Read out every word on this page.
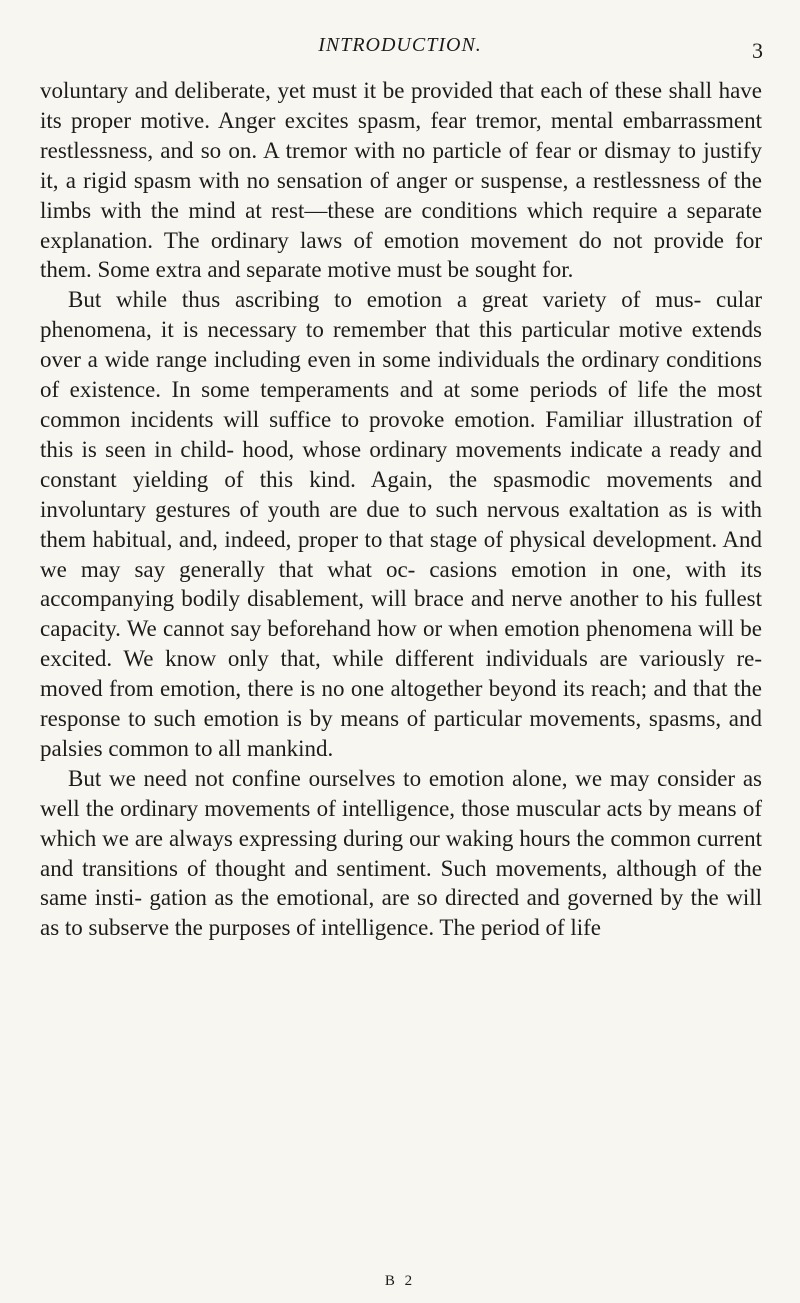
INTRODUCTION.	3

voluntary and deliberate, yet must it be provided that each of these shall have its proper motive. Anger excites spasm, fear tremor, mental embarrassment restlessness, and so on. A tremor with no particle of fear or dismay to justify it, a rigid spasm with no sensation of anger or suspense, a restlessness of the limbs with the mind at rest—these are conditions which require a separate explanation. The ordinary laws of emotion movement do not provide for them. Some extra and separate motive must be sought for.

But while thus ascribing to emotion a great variety of mus- cular phenomena, it is necessary to remember that this particular motive extends over a wide range including even in some individuals the ordinary conditions of existence. In some temperaments and at some periods of life the most common incidents will suffice to provoke emotion. Familiar illustration of this is seen in child- hood, whose ordinary movements indicate a ready and constant yielding of this kind. Again, the spasmodic movements and involuntary gestures of youth are due to such nervous exaltation as is with them habitual, and, indeed, proper to that stage of physical development. And we may say generally that what oc- casions emotion in one, with its accompanying bodily disablement, will brace and nerve another to his fullest capacity. We cannot say beforehand how or when emotion phenomena will be excited. We know only that, while different individuals are variously re- moved from emotion, there is no one altogether beyond its reach; and that the response to such emotion is by means of particular movements, spasms, and palsies common to all mankind.

But we need not confine ourselves to emotion alone, we may consider as well the ordinary movements of intelligence, those muscular acts by means of which we are always expressing during our waking hours the common current and transitions of thought and sentiment. Such movements, although of the same insti- gation as the emotional, are so directed and governed by the will as to subserve the purposes of intelligence. The period of life

B 2
